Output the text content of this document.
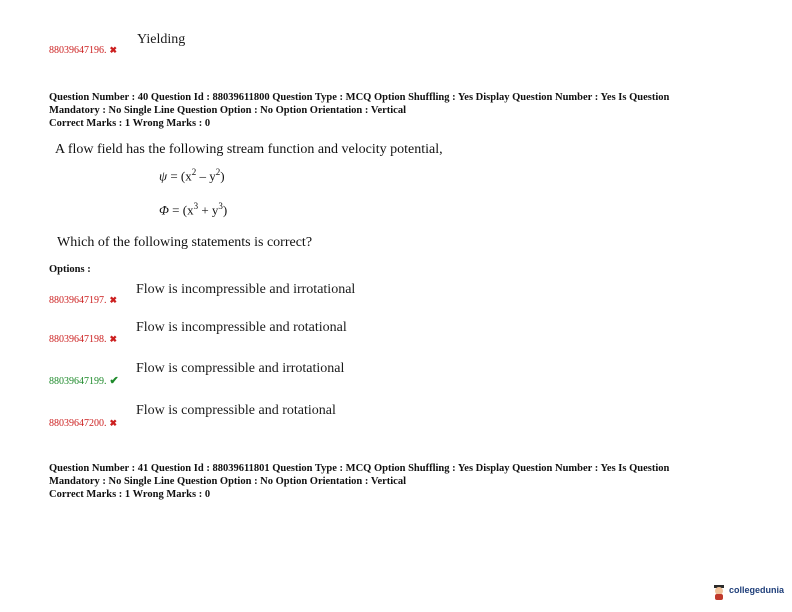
88039647196. ✖
Yielding
Question Number : 40 Question Id : 88039611800 Question Type : MCQ Option Shuffling : Yes Display Question Number : Yes Is Question
Mandatory : No Single Line Question Option : No Option Orientation : Vertical
Correct Marks : 1 Wrong Marks : 0
A flow field has the following stream function and velocity potential,
$\psi = (x^2 - y^2)$
$\Phi = (x^3 + y^3)$
Which of the following statements is correct?
Options :
88039647197. ✖
Flow is incompressible and irrotational
88039647198. ✖
Flow is incompressible and rotational
88039647199. ✔
Flow is compressible and irrotational
88039647200. ✖
Flow is compressible and rotational
Question Number : 41 Question Id : 88039611801 Question Type : MCQ Option Shuffling : Yes Display Question Number : Yes Is Question
Mandatory : No Single Line Question Option : No Option Orientation : Vertical
Correct Marks : 1 Wrong Marks : 0
collegedunia
